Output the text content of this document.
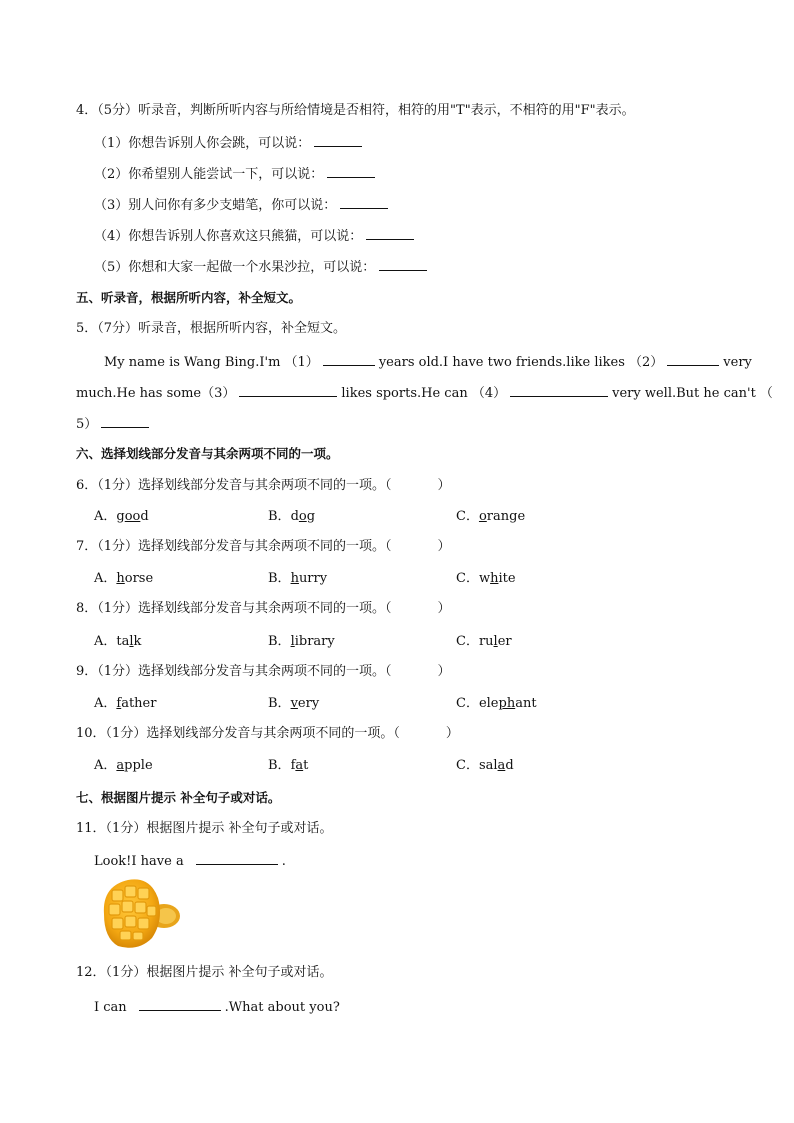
4．（5分）听录音，判断所听内容与所给情境是否相符，相符的用"T"表示，不相符的用"F"表示。
（1）你想告诉别人你会跳，可以说：
（2）你希望别人能尝试一下，可以说：
（3）别人问你有多少支蜡笔，你可以说：
（4）你想告诉别人你喜欢这只熊猫，可以说：
（5）你想和大家一起做一个水果沙拉，可以说：
五、听录音，根据所听内容，补全短文。
5．（7分）听录音，根据所听内容，补全短文。
My name is Wang Bing.I'm （1）	years old.I have two friends.like likes （2）	very
much.He has some（3）	likes sports.He can （4）	very well.But he can't （
5）
六、选择划线部分发音与其余两项不同的一项。
6．（1分）选择划线部分发音与其余两项不同的一项。（	）
A．good	B．dog	C．orange
7．（1分）选择划线部分发音与其余两项不同的一项。（	）
A．horse	B．hurry	C．white
8．（1分）选择划线部分发音与其余两项不同的一项。（	）
A．talk	B．library	C．ruler
9．（1分）选择划线部分发音与其余两项不同的一项。（	）
A．father	B．very	C．elephant
10．（1分）选择划线部分发音与其余两项不同的一项。（	）
A．apple	B．fat	C．salad
七、根据图片提示 补全句子或对话。
11．（1分）根据图片提示 补全句子或对话。
Look!I have a	.
12．（1分）根据图片提示 补全句子或对话。
I can	.What about you?
